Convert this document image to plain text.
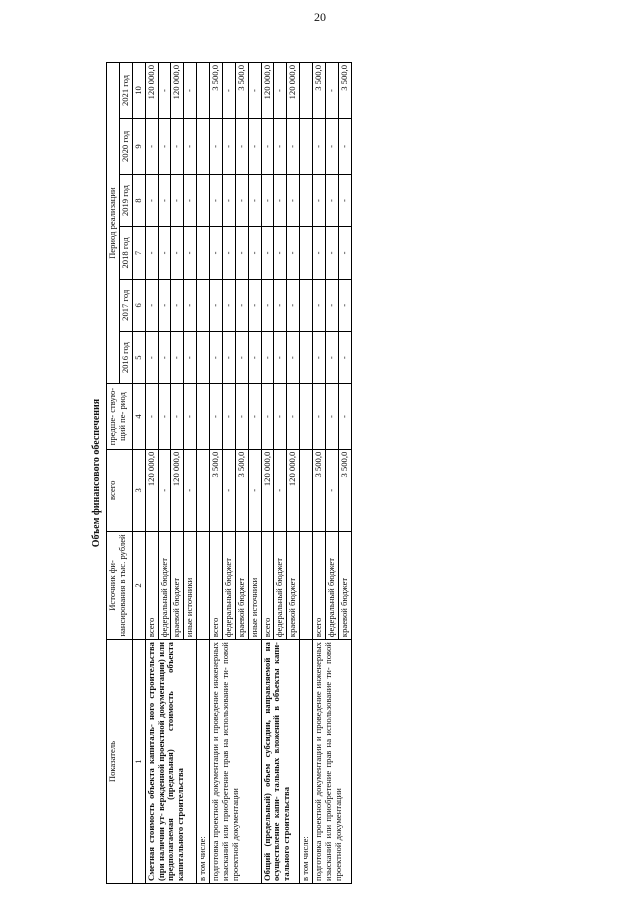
20
Объем финансового обеспечения
Показатель	Источник фи- нансирования в тыс. рублей	всего	предше- ствую- щий пе- риод	Период реализации					
				2016 год	2017 год	2018 год	2019 год	2020 год	2021 год
1	2	3	4	5	6	7	8	9	10
Сметная стоимость объекта капиталь- ного строительства (при наличии ут- вержденной проектной документации) или предполагаемая (предельная) стоимость объекта капитального строительства	всего	120 000,0	-	-	-	-	-	-	120 000,0
	федеральный бюджет	-	-	-	-	-	-	-	-
	краевой бюджет	120 000,0	-	-	-	-	-	-	120 000,0
	иные источники	-	-	-	-	-	-	-	-
в том числе:									
подготовка проектной документации и проведение инженерных изысканий или приобретение прав на использование ти- повой проектной документации	всего	3 500,0	-	-	-	-	-	-	3 500,0
	федеральный бюджет	-	-	-	-	-	-	-	-
	краевой бюджет	3 500,0	-	-	-	-	-	-	3 500,0
	иные источники	-	-	-	-	-	-	-	-
Общий (предельный) объем субсидии, направляемой на осуществление капи- тальных вложений в объекты капи- тального строительства	всего	120 000,0	-	-	-	-	-	-	120 000,0
	федеральный бюджет	-	-	-	-	-	-	-	-
	краевой бюджет	120 000,0	-	-	-	-	-	-	120 000,0
в том числе:									
подготовка проектной документации и проведение инженерных изысканий или приобретение прав на использование ти- повой проектной документации	всего	3 500,0	-	-	-	-	-	-	3 500,0
	федеральный бюджет	-	-	-	-	-	-	-	-
	краевой бюджет	3 500,0	-	-	-	-	-	-	3 500,0
